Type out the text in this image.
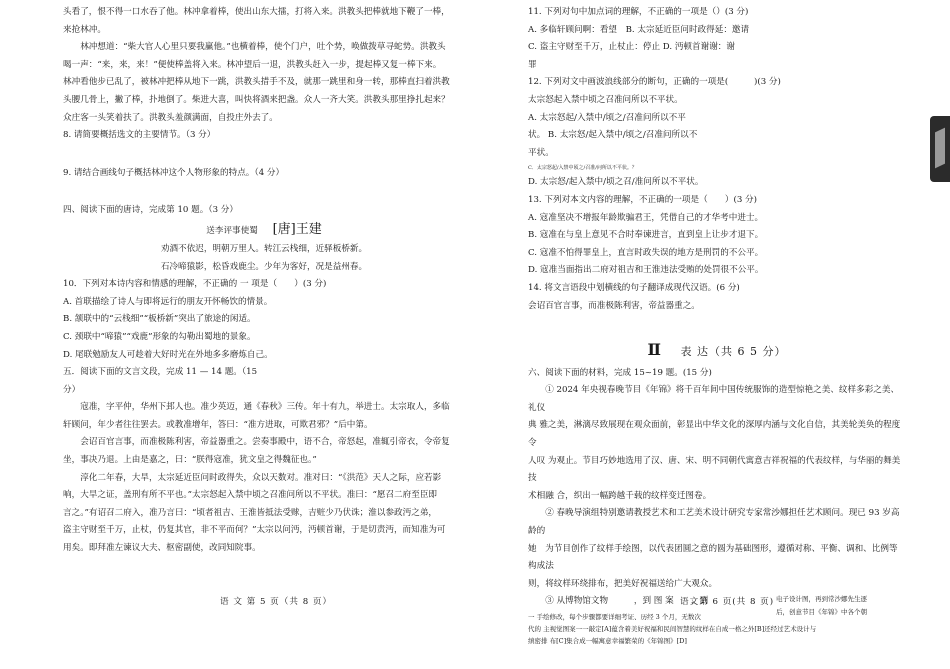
头看了，恨不得一口水吞了他。林冲拿着棒，使出山东大擂，打将入来。洪教头把棒就地下鞭了一棒，

来抢林冲。

林冲想道：“柴大官人心里只要我赢他。”也横着棒，使个门户，吐个势，唤做拨草寻蛇势。洪教头

喝一声：“来，来，来！”便使棒盖将入来。林冲望后一退，洪教头赶入一步，提起棒又复一棒下来。

林冲看他步已乱了，被林冲把棒从地下一跳，洪教头措手不及，就那一跳里和身一转，那棒直扫着洪教

头腰几骨上，撇了棒，扑地倒了。柴进大喜，叫快将酒来把盏。众人一齐大笑。洪教头那里挣扎起来？

众庄客一头笑着扶了。洪教头羞颜满面，自投庄外去了。

8. 请简要概括选文的主要情节。（3 分）

9. 请结合画线句子概括林冲这个人物形象的特点。（4 分）

四、阅读下面的唐诗，完成第 10 题。（3 分）

送李评事使蜀 [唐]王建

劝酒不依迟，明朝万里人。转江云栈细，近驿板桥新。

石冷啼猿影，松昏戏鹿尘。少年为客好，况是益州春。

10．下列对本诗内容和情感的理解，不正确的 一 项是（　　）(3 分)

A. 首联描绘了诗人与即将远行的朋友开怀畅饮的情景。

B. 颔联中的“云栈细”“板桥新”突出了旅途的闲适。

C. 颈联中“啼猿”“戏鹿”形象的勾勒出蜀地的景象。

D. 尾联勉励友人可趁着大好时光在外地多多磨炼自己。

五．阅读下面的文言文段，完成 11 — 14 题。（15

分）

寇准，字平仲，华州下邽人也。准少英迈，通《春秋》三传。年十有九，举进士。太宗取人，多临

轩顾问，年少者往往罢去。或教准增年，答曰：“准方进取，可欺君邪？”后中第。

会诏百官言事，而准极陈利害，帝益器重之。尝奏事殿中，语不合，帝怒起，准辄引帝衣，令帝复

坐，事决乃退。上由是嘉之，曰：“朕得寇准，犹文皇之得魏征也。”

淳化二年春，大旱，太宗延近臣问时政得失，众以天数对。准对曰：“《洪范》天人之际，应若影

响，大旱之证，盖刑有所不平也。”太宗怒起入禁中顷之召准问所以不平状。准曰：“愿召二府至臣即

言之。”有诏召二府入，准乃言曰：“顷者祖吉、王淮皆抵法受赇，吉赃少乃伏诛；淮以参政沔之弟，

盗主守财至千万，止杖，仍复其官，非不平而何？”太宗以问沔，沔顿首谢，于是切责沔，而知准为可

用矣。即拜准左谏议大夫、枢密副使，改同知院事。

11. 下列对句中加点词的理解，不正确的一项是（）(3 分)

A. 多临轩顾问啊：看望　B. 太宗延近臣问时政得延：邀请

C. 盗主守财至千万，止杖止：停止 D. 沔顿首谢谢：谢

罪

12. 下列对文中画波浪线部分的断句，正确的一项是(　　　)(3 分)

太宗怒起入禁中顷之召准问所以不平状。

A. 太宗怒起/入禁中/顷之/召准问所以不平

状。 B. 太宗怒/起入禁中/顷之/召准问所以不

平状。

C．太宗怒起/入禁中顷之/召准/问所以不平状。？

D. 太宗怒/起入禁中/顷之召/准问所以不平状。

13. 下列对本文内容的理解，不正确的一项是（　　）(3 分)

A. 寇准坚决不增报年龄欺骗君王，凭借自己的才华考中进士。

B. 寇准在与皇上意见不合时奉谏进言，直到皇上让步才退下。

C. 寇准不怕得罪皇上，直言时政失误的地方是刑罚的不公平。

D. 寇准当面指出二府对祖吉和王淮违法受贿的处罚很不公平。

14. 将文言语段中划横线的句子翻译成现代汉语。(6 分)

会诏百官言事，而准极陈利害，帝益器重之。

Ⅱ 表 达（共 6 5 分）

六、阅读下面的材料，完成 15~19 题。(15 分)

① 2024 年央视春晚节目《年锦》将千百年间中国传统服饰的造型惊艳之美、纹样多彩之美、礼仪

典 雅之美，淋漓尽致展现在观众面前，彰显出中华文化的深厚内涵与文化自信，其美轮美奂的程度令

人叹 为观止。节目巧妙地选用了汉、唐、宋、明不同朝代寓意吉祥祝福的代表纹样，与华丽的舞美技

术相融 合，织出一幅跨越千载的纹样变迁图卷。

② 春晚导演组特别邀请教授艺术和工艺美术设计研究专家常沙娜担任艺术顾问。现已 93 岁高龄的

她　为节目创作了纹样手绘图，以代表团圆之意的圆为基础图形，遵循对称、平衡、调和、比例等构成法

则，将纹样环绕排布，把美好祝福送给广大观众。

③ 从博物馆文物　　　，到 图 案　　，到

一 手绘修改，每个步骤都要详细考证、历经 3 个月，无数次

电子设计图，再到常沙娜先生逐

后，创意节目《年锦》中各个朝

代的 主视觉图案一一敲定[A]蕴含着美好祝福和民间智慧的纹样在自成一格之外[B]还经过艺术设计与

缜密排 布[C]集合成一幅寓意幸福繁荣的《年锦图》[D]

语 文 第 5 页（共 8 页）	语文第 6 页(共 8 页)
